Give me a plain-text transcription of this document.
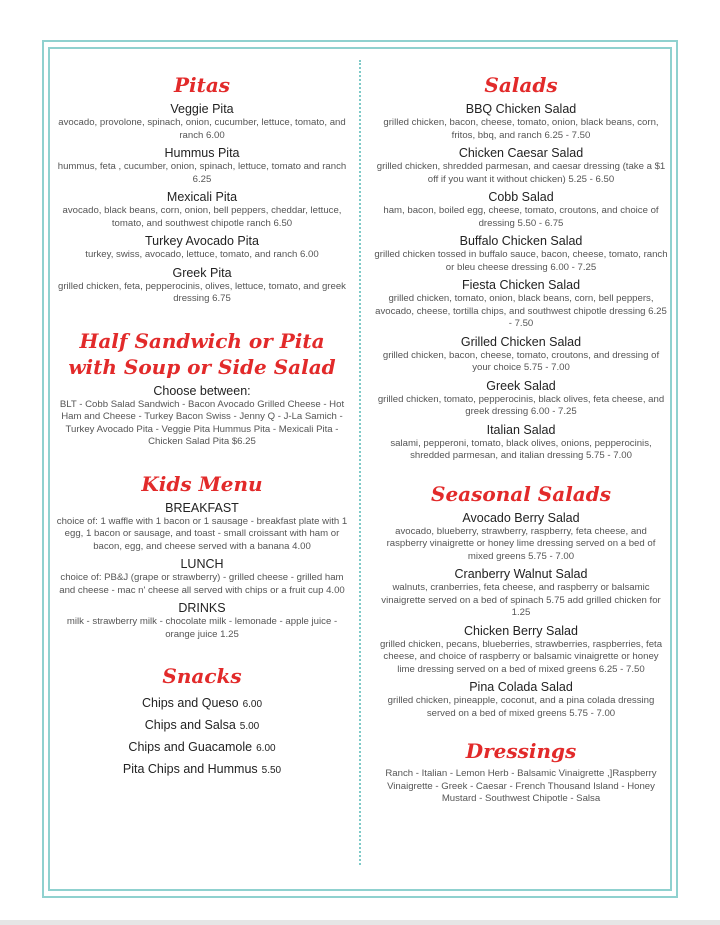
Pitas
Veggie Pita
avocado, provolone, spinach, onion, cucumber, lettuce, tomato, and ranch 6.00
Hummus Pita
hummus, feta , cucumber, onion, spinach, lettuce, tomato and ranch 6.25
Mexicali Pita
avocado, black beans, corn, onion, bell peppers, cheddar, lettuce, tomato, and southwest chipotle ranch 6.50
Turkey Avocado Pita
turkey, swiss, avocado, lettuce, tomato, and ranch 6.00
Greek Pita
grilled chicken, feta, pepperocinis, olives, lettuce, tomato, and greek dressing 6.75
Half Sandwich or Pita with Soup or Side Salad
Choose between:
BLT - Cobb Salad Sandwich - Bacon Avocado Grilled Cheese - Hot Ham and Cheese - Turkey Bacon Swiss - Jenny Q - J-La Samich - Turkey Avocado Pita - Veggie Pita Hummus Pita - Mexicali Pita - Chicken Salad Pita $6.25
Kids Menu
BREAKFAST
choice of: 1 waffle with 1 bacon or 1 sausage - breakfast plate with 1 egg, 1 bacon or sausage, and toast - small croissant with ham or bacon, egg, and cheese served with a banana 4.00
LUNCH
choice of: PB&J (grape or strawberry) - grilled cheese - grilled ham and cheese - mac n' cheese all served with chips or a fruit cup 4.00
DRINKS
milk - strawberry milk - chocolate milk - lemonade - apple juice - orange juice 1.25
Snacks
Chips and Queso 6.00
Chips and Salsa 5.00
Chips and Guacamole 6.00
Pita Chips and Hummus 5.50
Salads
BBQ Chicken Salad
grilled chicken, bacon, cheese, tomato, onion, black beans, corn, fritos, bbq, and ranch 6.25 - 7.50
Chicken Caesar Salad
grilled chicken, shredded parmesan, and caesar dressing (take a $1 off if you want it without chicken) 5.25 - 6.50
Cobb Salad
ham, bacon, boiled egg, cheese, tomato, croutons, and choice of dressing 5.50 - 6.75
Buffalo Chicken Salad
grilled chicken tossed in buffalo sauce, bacon, cheese, tomato, ranch or bleu cheese dressing 6.00 - 7.25
Fiesta Chicken Salad
grilled chicken, tomato, onion, black beans, corn, bell peppers, avocado, cheese, tortilla chips, and southwest chipotle dressing 6.25 - 7.50
Grilled Chicken Salad
grilled chicken, bacon, cheese, tomato, croutons, and dressing of your choice 5.75 - 7.00
Greek Salad
grilled chicken, tomato, pepperocinis, black olives, feta cheese, and greek dressing 6.00 - 7.25
Italian Salad
salami, pepperoni, tomato, black olives, onions, pepperocinis, shredded parmesan, and italian dressing 5.75 - 7.00
Seasonal Salads
Avocado Berry Salad
avocado, blueberry, strawberry, raspberry, feta cheese, and raspberry vinaigrette or honey lime dressing served on a bed of mixed greens 5.75 - 7.00
Cranberry Walnut Salad
walnuts, cranberries, feta cheese, and raspberry or balsamic vinaigrette served on a bed of spinach 5.75 add grilled chicken for 1.25
Chicken Berry Salad
grilled chicken, pecans, blueberries, strawberries, raspberries, feta cheese, and choice of raspberry or balsamic vinaigrette or honey lime dressing served on a bed of mixed greens 6.25 - 7.50
Pina Colada Salad
grilled chicken, pineapple, coconut, and a pina colada dressing served on a bed of mixed greens 5.75 - 7.00
Dressings
Ranch - Italian - Lemon Herb - Balsamic Vinaigrette ,]Raspberry Vinaigrette - Greek - Caesar - French Thousand Island - Honey Mustard - Southwest Chipotle - Salsa
